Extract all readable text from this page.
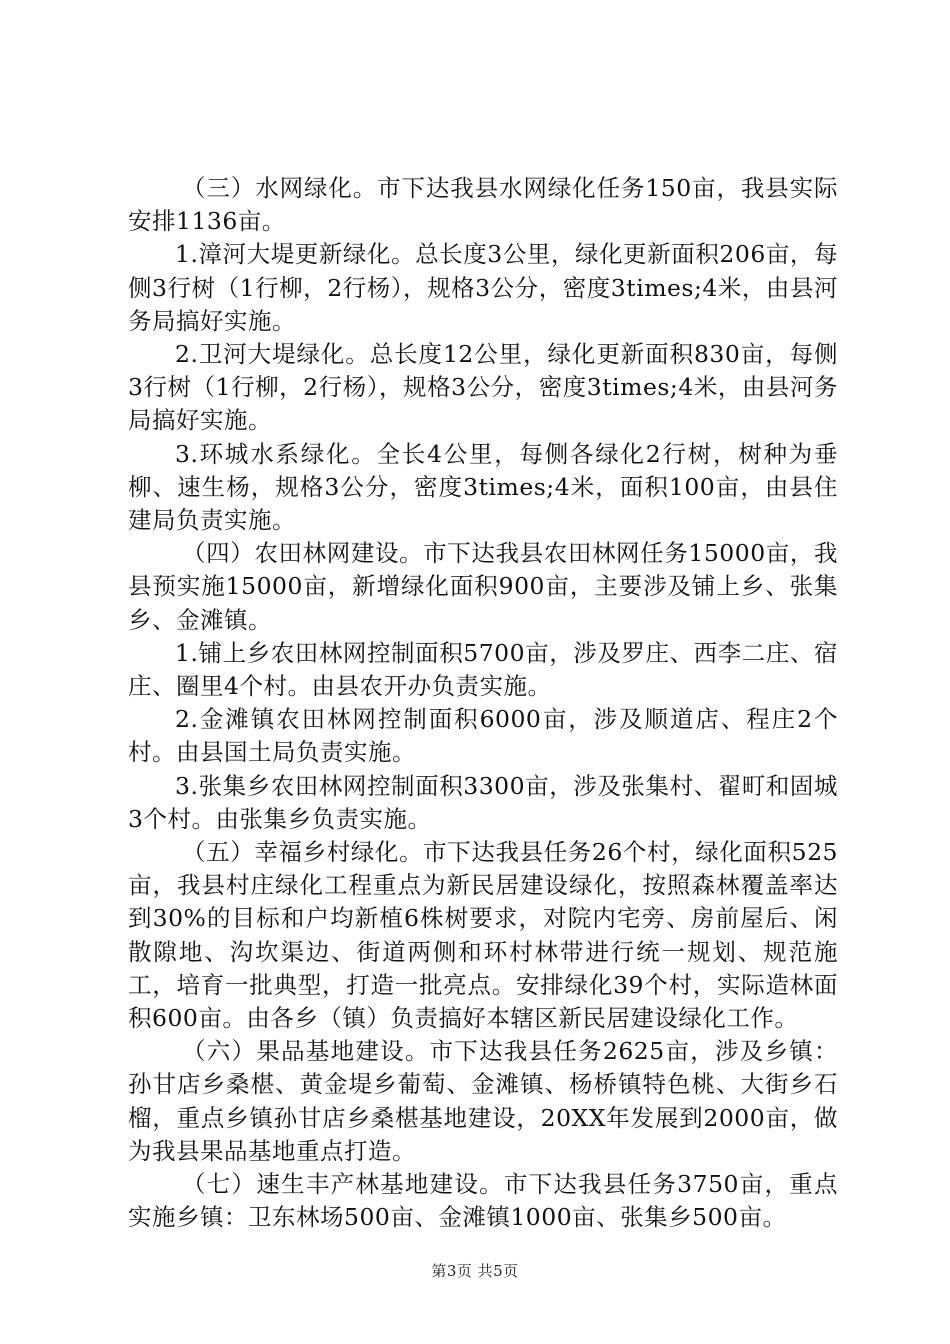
（三）水网绿化。市下达我县水网绿化任务150亩，我县实际安排1136亩。

1.漳河大堤更新绿化。总长度3公里，绿化更新面积206亩，每侧3行树（1行柳，2行杨），规格3公分，密度3times;4米，由县河务局搞好实施。

2.卫河大堤绿化。总长度12公里，绿化更新面积830亩，每侧3行树（1行柳，2行杨），规格3公分，密度3times;4米，由县河务局搞好实施。

3.环城水系绿化。全长4公里，每侧各绿化2行树，树种为垂柳、速生杨，规格3公分，密度3times;4米，面积100亩，由县住建局负责实施。

（四）农田林网建设。市下达我县农田林网任务15000亩，我县预实施15000亩，新增绿化面积900亩，主要涉及铺上乡、张集乡、金滩镇。

1.铺上乡农田林网控制面积5700亩，涉及罗庄、西李二庄、宿庄、圈里4个村。由县农开办负责实施。

2.金滩镇农田林网控制面积6000亩，涉及顺道店、程庄2个村。由县国土局负责实施。

3.张集乡农田林网控制面积3300亩，涉及张集村、翟町和固城3个村。由张集乡负责实施。

（五）幸福乡村绿化。市下达我县任务26个村，绿化面积525亩，我县村庄绿化工程重点为新民居建设绿化，按照森林覆盖率达到30%的目标和户均新植6株树要求，对院内宅旁、房前屋后、闲散隙地、沟坎渠边、街道两侧和环村林带进行统一规划、规范施工，培育一批典型，打造一批亮点。安排绿化39个村，实际造林面积600亩。由各乡（镇）负责搞好本辖区新民居建设绿化工作。

（六）果品基地建设。市下达我县任务2625亩，涉及乡镇：孙甘店乡桑椹、黄金堤乡葡萄、金滩镇、杨桥镇特色桃、大街乡石榴，重点乡镇孙甘店乡桑椹基地建设，20XX年发展到2000亩，做为我县果品基地重点打造。

（七）速生丰产林基地建设。市下达我县任务3750亩，重点实施乡镇：卫东林场500亩、金滩镇1000亩、张集乡500亩。

第3页 共5页
